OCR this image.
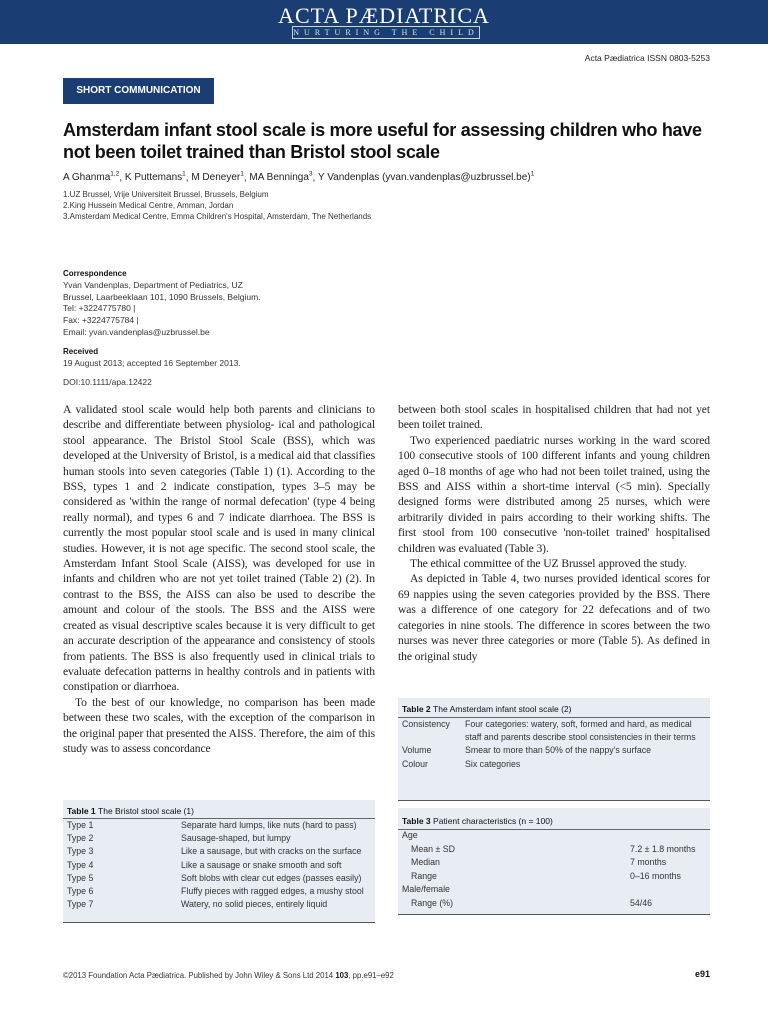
ACTA PÆDIATRICA
NURTURING THE CHILD
Acta Pædiatrica ISSN 0803-5253
SHORT COMMUNICATION
Amsterdam infant stool scale is more useful for assessing children who have
not been toilet trained than Bristol stool scale
A Ghanma$^{1,2}$, K Puttemans$^1$, M Deneyer$^1$, MA Benninga$^3$, Y Vandenplas (yvan.vandenplas@uzbrussel.be)$^1$
1.UZ Brussel, Vrije Universiteit Brussel, Brussels, Belgium
2.King Hussein Medical Centre, Amman, Jordan
3.Amsterdam Medical Centre, Emma Children's Hospital, Amsterdam, The Netherlands
Correspondence
Yvan Vandenplas, Department of Pediatrics, UZ
Brussel, Laarbeeklaan 101, 1090 Brussels, Belgium.
Tel: +3224775780 |
Fax: +3224775784 |
Email: yvan.vandenplas@uzbrussel.be
Received
19 August 2013; accepted 16 September 2013.
DOI:10.1111/apa.12422

A validated stool scale would help both parents and clinicians to describe and differentiate between physiolog- ical and pathological stool appearance. The Bristol Stool Scale (BSS), which was developed at the University of Bristol, is a medical aid that classifies human stools into seven categories (Table 1) (1). According to the BSS, types 1 and 2 indicate constipation, types 3–5 may be considered as 'within the range of normal defecation' (type 4 being really normal), and types 6 and 7 indicate diarrhoea. The BSS is currently the most popular stool scale and is used in many clinical studies. However, it is not age specific. The second stool scale, the Amsterdam Infant Stool Scale (AISS), was developed for use in infants and children who are not yet toilet trained (Table 2) (2). In contrast to the BSS, the AISS can also be used to describe the amount and colour of the stools. The BSS and the AISS were created as visual descriptive scales because it is very difficult to get an accurate description of the appearance and consistency of stools from patients. The BSS is also frequently used in clinical trials to evaluate defecation patterns in healthy controls and in patients with constipation or diarrhoea.

To the best of our knowledge, no comparison has been made between these two scales, with the exception of the comparison in the original paper that presented the AISS. Therefore, the aim of this study was to assess concordance

between both stool scales in hospitalised children that had not yet been toilet trained.

Two experienced paediatric nurses working in the ward scored 100 consecutive stools of 100 different infants and young children aged 0–18 months of age who had not been toilet trained, using the BSS and AISS within a short-time interval (<5 min). Specially designed forms were distributed among 25 nurses, which were arbitrarily divided in pairs according to their working shifts. The first stool from 100 consecutive 'non-toilet trained' hospitalised children was evaluated (Table 3).

The ethical committee of the UZ Brussel approved the study.

As depicted in Table 4, two nurses provided identical scores for 69 nappies using the seven categories provided by the BSS. There was a difference of one category for 22 defecations and of two categories in nine stools. The difference in scores between the two nurses was never three categories or more (Table 5). As defined in the original study

Table 2 The Amsterdam infant stool scale (2)
Consistency Four categories: watery, soft, formed and hard, as medical
staff and parents describe stool consistencies in their terms
Volume	Smear to more than 50% of the nappy's surface
Colour	Six categories
Table 1 The Bristol stool scale (1)
Type 1	Separate hard lumps, like nuts (hard to pass)
Type 2	Sausage-shaped, but lumpy
Type 3	Like a sausage, but with cracks on the surface
Type 4	Like a sausage or snake smooth and soft
Type 5	Soft blobs with clear cut edges (passes easily)
Type 6	Fluffy pieces with ragged edges, a mushy stool
Type 7	Watery, no solid pieces, entirely liquid
Table 3 Patient characteristics (n = 100)
Age
Mean ± SD	7.2 ± 1.8 months
Median	7 months
Range	0–16 months
Male/female
Range (%)	54/46
©2013 Foundation Acta Pædiatrica. Published by John Wiley & Sons Ltd 2014 103, pp.e91–e92	e91
